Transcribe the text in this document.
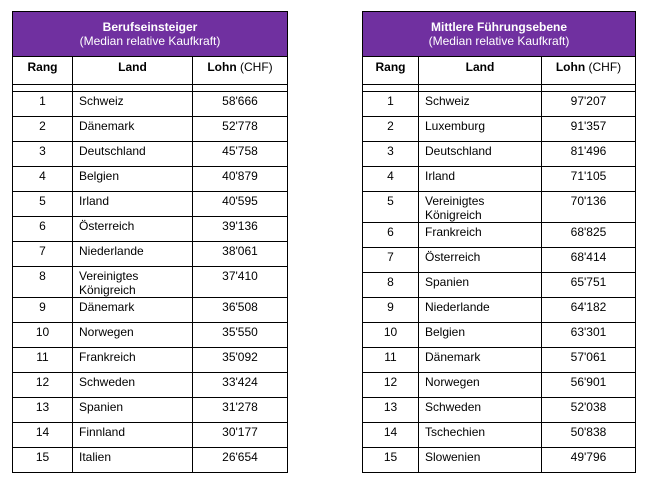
Berufseinsteiger
(Median relative Kaufkraft)		

Rang	Land	Lohn (CHF)

1	Schweiz	58'666
2	Dänemark	52'778
3	Deutschland	45'758
4	Belgien	40'879
5	Irland	40'595
6	Österreich	39'136
7	Niederlande	38'061
8	Vereinigtes Königreich	37'410
9	Dänemark	36'508
10	Norwegen	35'550
11	Frankreich	35'092
12	Schweden	33'424
13	Spanien	31'278
14	Finnland	30'177
15	Italien	26'654
Mittlere Führungsebene
(Median relative Kaufkraft)		

Rang	Land	Lohn (CHF)

1	Schweiz	97'207
2	Luxemburg	91'357
3	Deutschland	81'496
4	Irland	71'105
5	Vereinigtes Königreich	70'136
6	Frankreich	68'825
7	Österreich	68'414
8	Spanien	65'751
9	Niederlande	64'182
10	Belgien	63'301
11	Dänemark	57'061
12	Norwegen	56'901
13	Schweden	52'038
14	Tschechien	50'838
15	Slowenien	49'796
